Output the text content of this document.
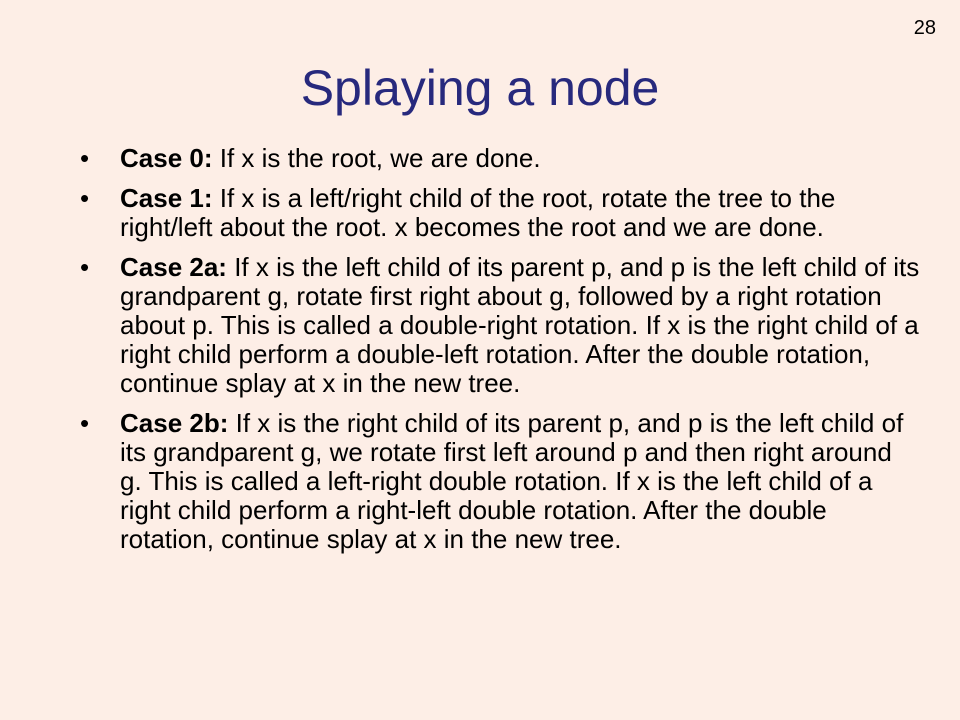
28
Splaying a node
• Case 0: If x is the root, we are done.
• Case 1: If x is a left/right child of the root, rotate the tree to the right/left about the root. x becomes the root and we are done.
• Case 2a: If x is the left child of its parent p, and p is the left child of its grandparent g, rotate first right about g, followed by a right rotation about p. This is called a double-right rotation. If x is the right child of a right child perform a double-left rotation. After the double rotation, continue splay at x in the new tree.
• Case 2b: If x is the right child of its parent p, and p is the left child of its grandparent g, we rotate first left around p and then right around g. This is called a left-right double rotation. If x is the left child of a right child perform a right-left double rotation. After the double rotation, continue splay at x in the new tree.
